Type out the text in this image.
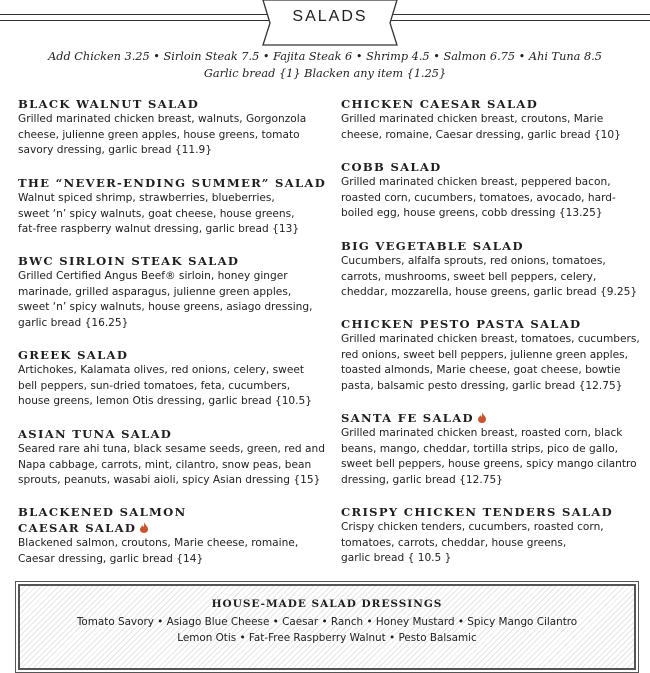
SALADS
Add Chicken 3.25 • Sirloin Steak 7.5 • Fajita Steak 6 • Shrimp 4.5 • Salmon 6.75 • Ahi Tuna 8.5
Garlic bread {1} Blacken any item {1.25}
BLACK WALNUT SALAD
Grilled marinated chicken breast, walnuts, Gorgonzola
cheese, julienne green apples, house greens, tomato
savory dressing, garlic bread {11.9}
THE “NEVER-ENDING SUMMER” SALAD
Walnut spiced shrimp, strawberries, blueberries,
sweet ‘n’ spicy walnuts, goat cheese, house greens,
fat-free raspberry walnut dressing, garlic bread {13}
BWC SIRLOIN STEAK SALAD
Grilled Certified Angus Beef® sirloin, honey ginger
marinade, grilled asparagus, julienne green apples,
sweet ‘n’ spicy walnuts, house greens, asiago dressing,
garlic bread {16.25}
GREEK SALAD
Artichokes, Kalamata olives, red onions, celery, sweet
bell peppers, sun-dried tomatoes, feta, cucumbers,
house greens, lemon Otis dressing, garlic bread {10.5}
ASIAN TUNA SALAD
Seared rare ahi tuna, black sesame seeds, green, red and
Napa cabbage, carrots, mint, cilantro, snow peas, bean
sprouts, peanuts, wasabi aioli, spicy Asian dressing {15}
BLACKENED SALMON
CAESAR SALAD
Blackened salmon, croutons, Marie cheese, romaine,
Caesar dressing, garlic bread {14}
CHICKEN CAESAR SALAD
Grilled marinated chicken breast, croutons, Marie
cheese, romaine, Caesar dressing, garlic bread {10}
COBB SALAD
Grilled marinated chicken breast, peppered bacon,
roasted corn, cucumbers, tomatoes, avocado, hard-
boiled egg, house greens, cobb dressing {13.25}
BIG VEGETABLE SALAD
Cucumbers, alfalfa sprouts, red onions, tomatoes,
carrots, mushrooms, sweet bell peppers, celery,
cheddar, mozzarella, house greens, garlic bread {9.25}
CHICKEN PESTO PASTA SALAD
Grilled marinated chicken breast, tomatoes, cucumbers,
red onions, sweet bell peppers, julienne green apples,
toasted almonds, Marie cheese, goat cheese, bowtie
pasta, balsamic pesto dressing, garlic bread {12.75}
SANTA FE SALAD
Grilled marinated chicken breast, roasted corn, black
beans, mango, cheddar, tortilla strips, pico de gallo,
sweet bell peppers, house greens, spicy mango cilantro
dressing, garlic bread {12.75}
CRISPY CHICKEN TENDERS SALAD
Crispy chicken tenders, cucumbers, roasted corn,
tomatoes, carrots, cheddar, house greens,
garlic bread { 10.5 }
HOUSE-MADE SALAD DRESSINGS
Tomato Savory • Asiago Blue Cheese • Caesar • Ranch • Honey Mustard • Spicy Mango Cilantro
Lemon Otis • Fat-Free Raspberry Walnut • Pesto Balsamic
